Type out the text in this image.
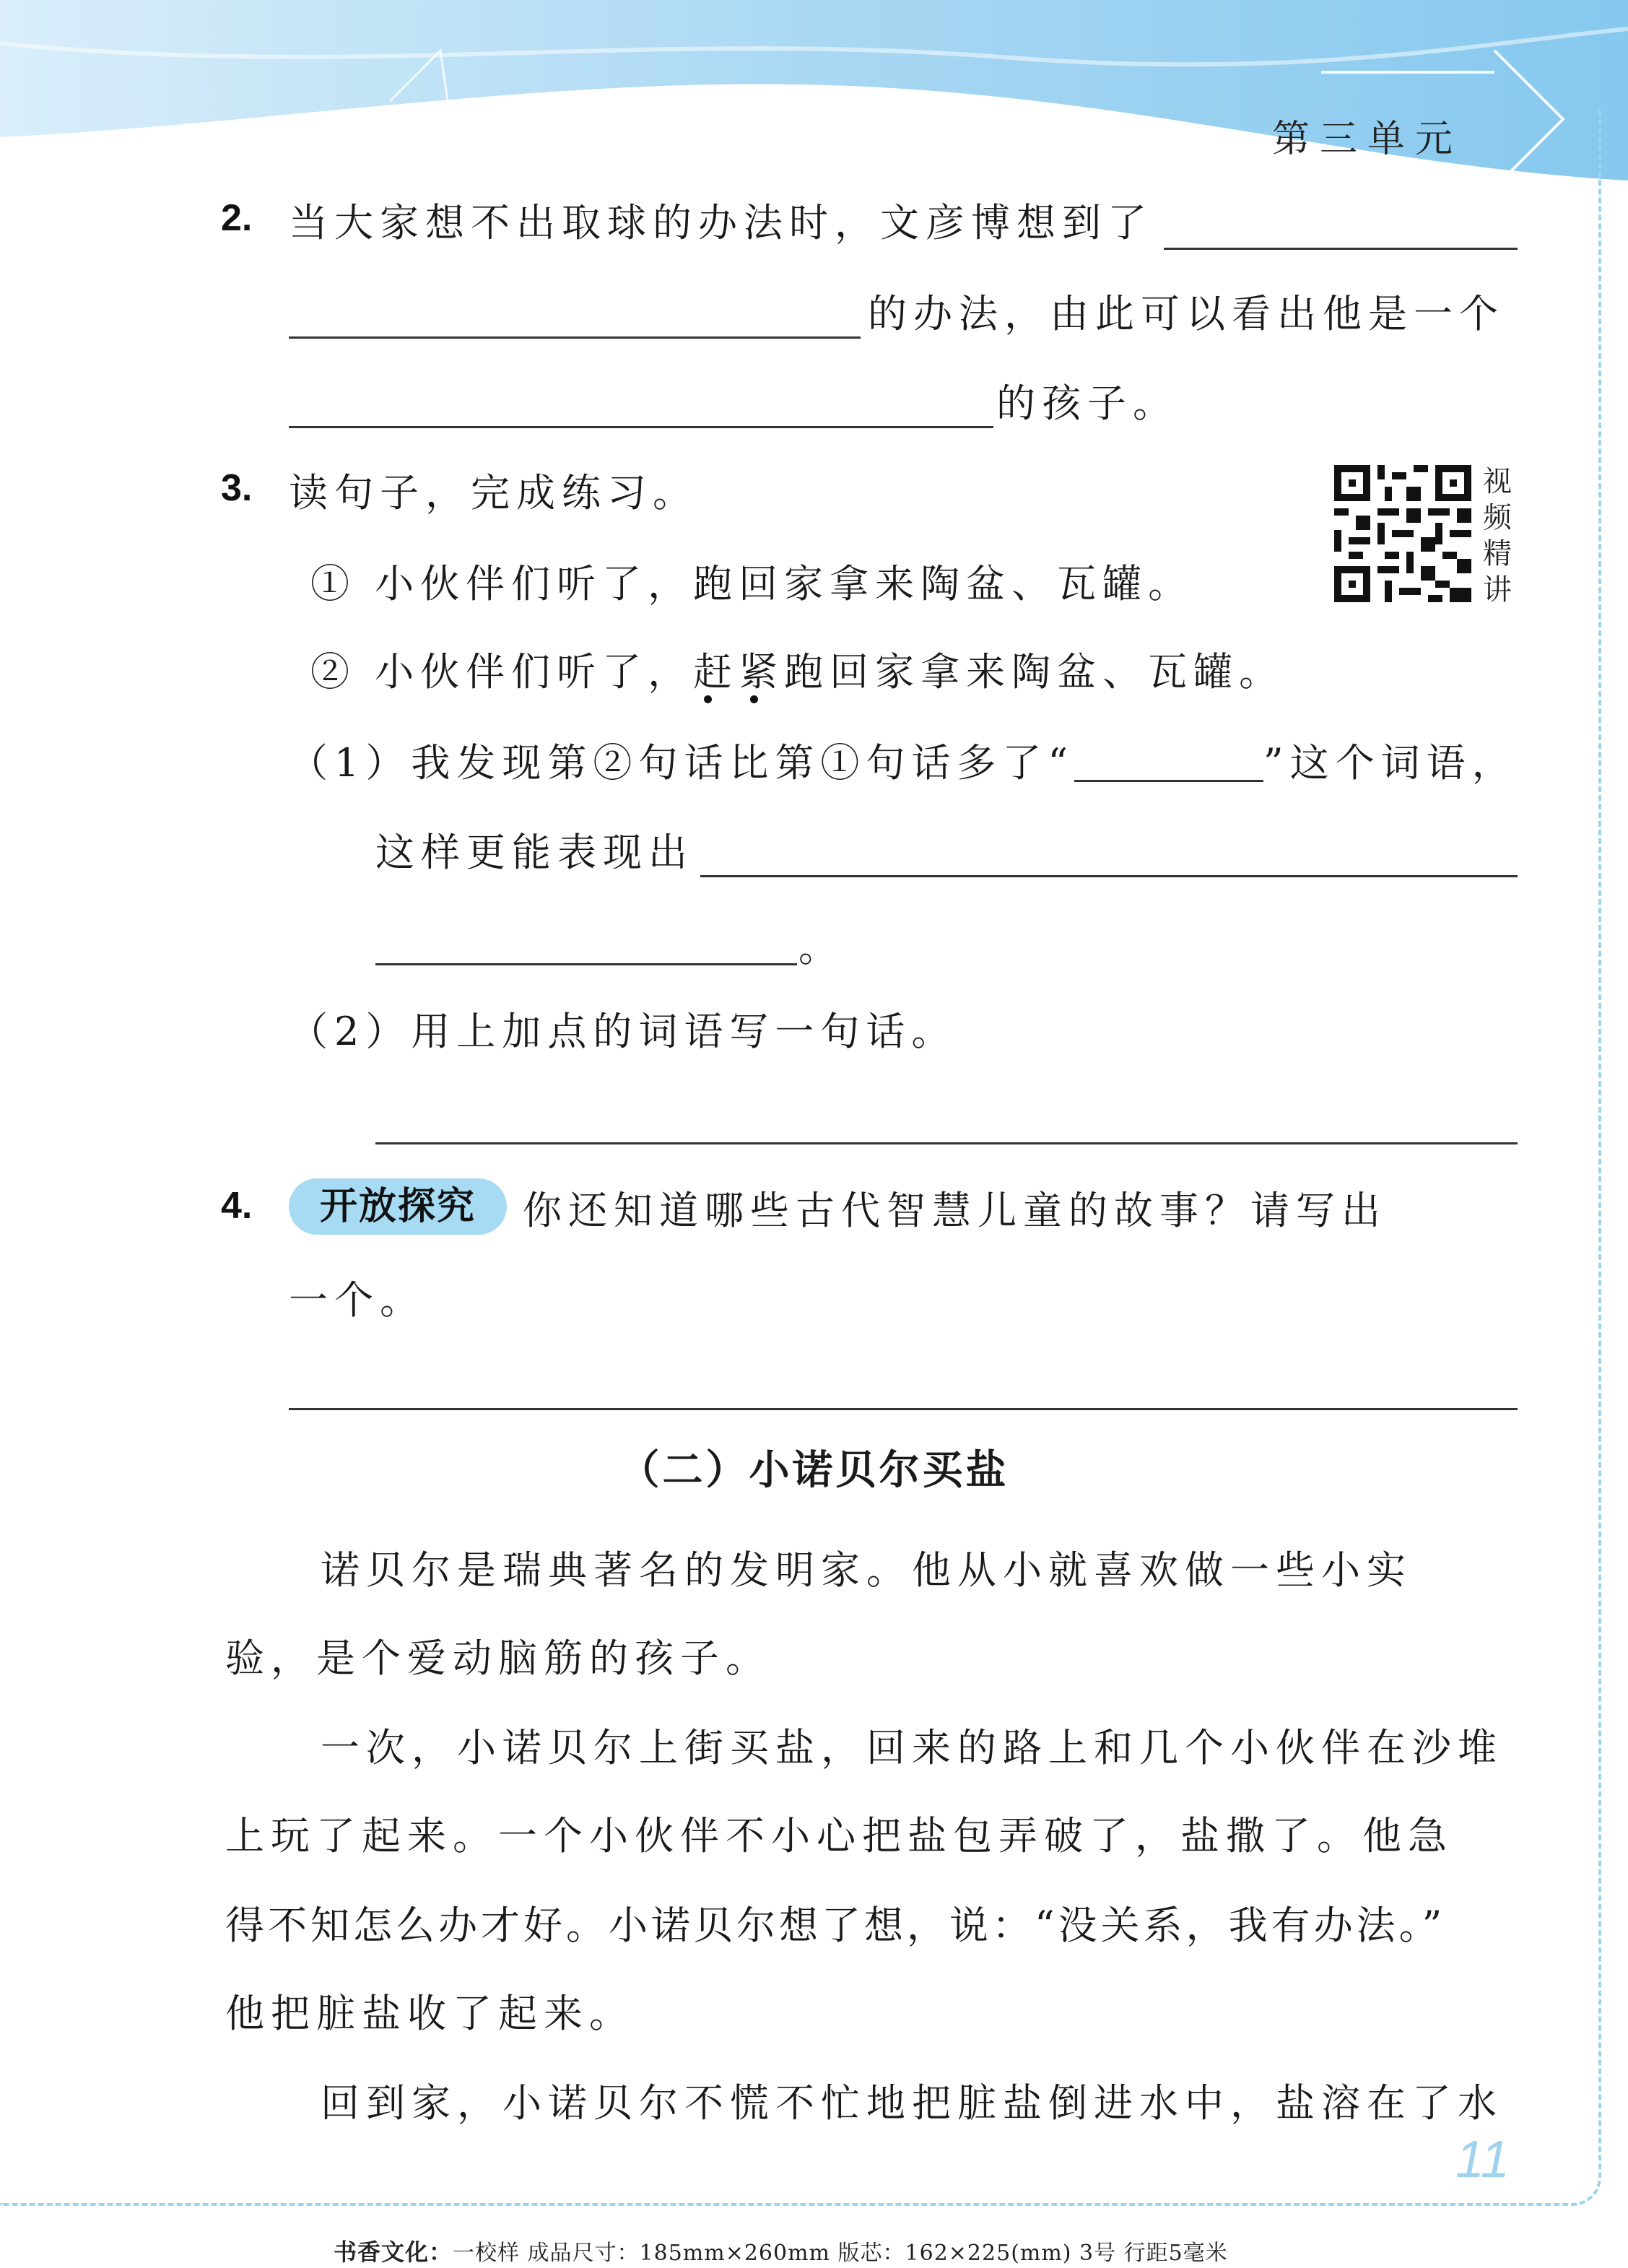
第三单元
2. 当大家想不出取球的办法时，文彦博想到了
的办法，由此可以看出他是一个
的孩子。
3. 读句子，完成练习。	视频精讲
① 小伙伴们听了，跑回家拿来陶盆、瓦罐。
② 小伙伴们听了，赶紧跑回家拿来陶盆、瓦罐。
（1）我发现第②句话比第①句话多了“	”这个词语，
这样更能表现出
。
（2）用上加点的词语写一句话。
4.	开放探究	你还知道哪些古代智慧儿童的故事？请写出
一个。
（二）小诺贝尔买盐
诺贝尔是瑞典著名的发明家。他从小就喜欢做一些小实
验，是个爱动脑筋的孩子。
一次，小诺贝尔上街买盐，回来的路上和几个小伙伴在沙堆
上玩了起来。一个小伙伴不小心把盐包弄破了，盐撒了。他急
得不知怎么办才好。小诺贝尔想了想，说：“没关系，我有办法。”
他把脏盐收了起来。
回到家，小诺贝尔不慌不忙地把脏盐倒进水中，盐溶在了水
11
书香文化：一校样 成品尺寸：185mm×260mm 版芯：162×225(mm) 3号 行距5毫米
